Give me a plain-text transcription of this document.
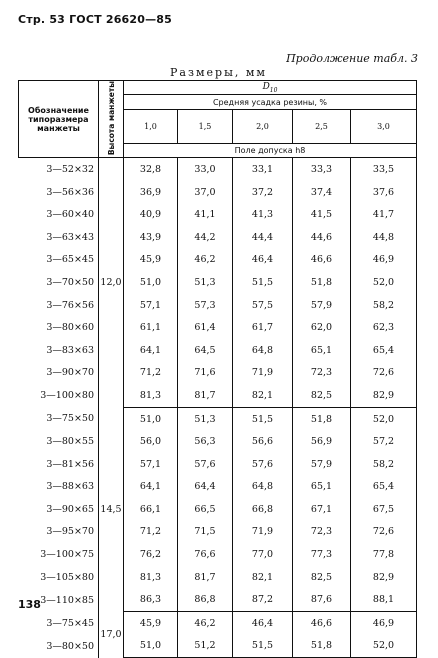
Стр. 53 ГОСТ 26620—85
Продолжение табл. 3
Размеры, мм
Обозначение типоразмера манжеты	Высота манжеты	$D_{10}$
		Средняя усадка резины, %				
		1,0	1,5	2,0	2,5	3,0
		Поле допуска h8				
3—52×32	12,0	32,8	33,0	33,1	33,3	33,5
3—56×36		36,9	37,0	37,2	37,4	37,6
3—60×40		40,9	41,1	41,3	41,5	41,7
3—63×43		43,9	44,2	44,4	44,6	44,8
3—65×45		45,9	46,2	46,4	46,6	46,9
3—70×50		51,0	51,3	51,5	51,8	52,0
3—76×56		57,1	57,3	57,5	57,9	58,2
3—80×60		61,1	61,4	61,7	62,0	62,3
3—83×63		64,1	64,5	64,8	65,1	65,4
3—90×70		71,2	71,6	71,9	72,3	72,6
3—100×80		81,3	81,7	82,1	82,5	82,9
3—75×50	14,5	51,0	51,3	51,5	51,8	52,0
3—80×55		56,0	56,3	56,6	56,9	57,2
3—81×56		57,1	57,6	57,6	57,9	58,2
3—88×63		64,1	64,4	64,8	65,1	65,4
3—90×65		66,1	66,5	66,8	67,1	67,5
3—95×70		71,2	71,5	71,9	72,3	72,6
3—100×75		76,2	76,6	77,0	77,3	77,8
3—105×80		81,3	81,7	82,1	82,5	82,9
3—110×85		86,3	86,8	87,2	87,6	88,1
3—75×45	17,0	45,9	46,2	46,4	46,6	46,9
3—80×50		51,0	51,2	51,5	51,8	52,0
138
